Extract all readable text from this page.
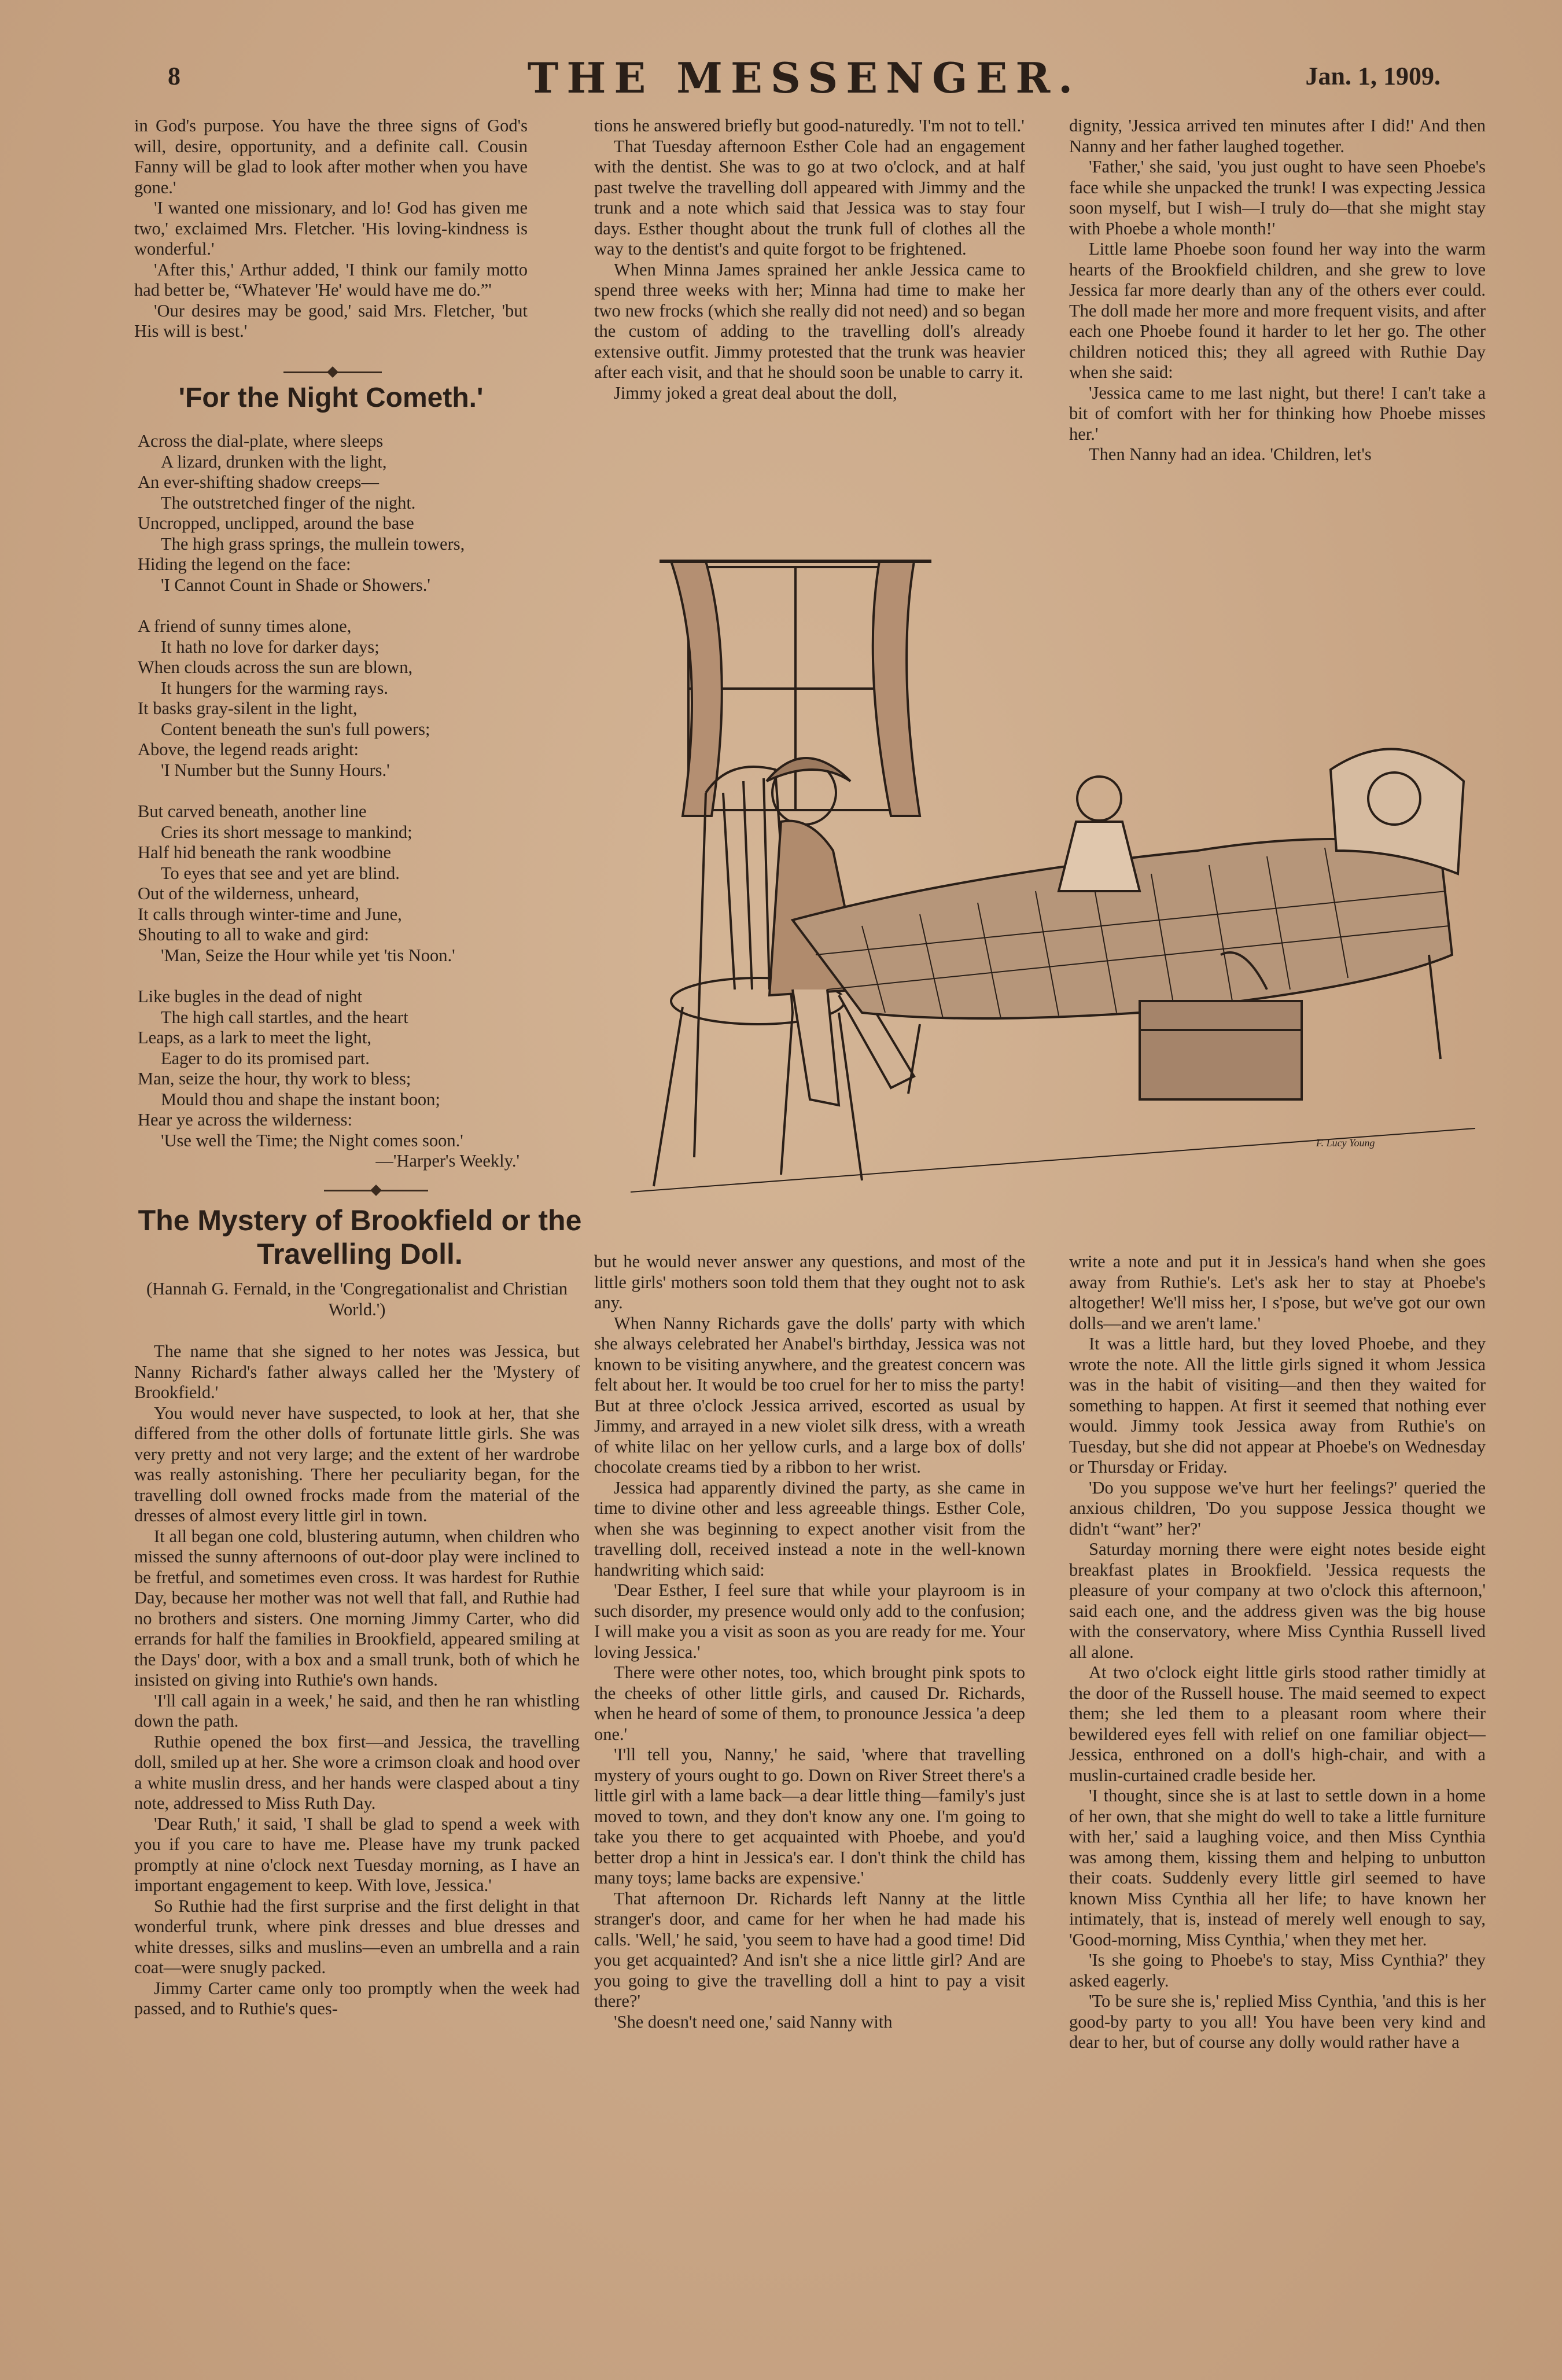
8	THE MESSENGER.	Jan. 1, 1909.

in God's purpose. You have the three signs of God's will, desire, opportunity, and a definite call. Cousin Fanny will be glad to look after mother when you have gone.'

'I wanted one missionary, and lo! God has given me two,' exclaimed Mrs. Fletcher. 'His loving-kindness is wonderful.'

'After this,' Arthur added, 'I think our family motto had better be, “Whatever 'He' would have me do.”'

'Our desires may be good,' said Mrs. Fletcher, 'but His will is best.'

'For the Night Cometh.'
Across the dial-plate, where sleeps
A lizard, drunken with the light,
An ever-shifting shadow creeps—
The outstretched finger of the night.
Uncropped, unclipped, around the base
The high grass springs, the mullein towers,
Hiding the legend on the face:
'I Cannot Count in Shade or Showers.'
A friend of sunny times alone,
It hath no love for darker days;
When clouds across the sun are blown,
It hungers for the warming rays.
It basks gray-silent in the light,
Content beneath the sun's full powers;
Above, the legend reads aright:
'I Number but the Sunny Hours.'
But carved beneath, another line
Cries its short message to mankind;
Half hid beneath the rank woodbine
To eyes that see and yet are blind.
Out of the wilderness, unheard,
It calls through winter-time and June,
Shouting to all to wake and gird:
'Man, Seize the Hour while yet 'tis Noon.'
Like bugles in the dead of night
The high call startles, and the heart
Leaps, as a lark to meet the light,
Eager to do its promised part.
Man, seize the hour, thy work to bless;
Mould thou and shape the instant boon;
Hear ye across the wilderness:
'Use well the Time; the Night comes soon.'
—'Harper's Weekly.'

tions he answered briefly but good-naturedly. 'I'm not to tell.'

That Tuesday afternoon Esther Cole had an engagement with the dentist. She was to go at two o'clock, and at half past twelve the travelling doll appeared with Jimmy and the trunk and a note which said that Jessica was to stay four days. Esther thought about the trunk full of clothes all the way to the dentist's and quite forgot to be frightened.

When Minna James sprained her ankle Jessica came to spend three weeks with her; Minna had time to make her two new frocks (which she really did not need) and so began the custom of adding to the travelling doll's already extensive outfit. Jimmy protested that the trunk was heavier after each visit, and that he should soon be unable to carry it.

Jimmy joked a great deal about the doll,

dignity, 'Jessica arrived ten minutes after I did!' And then Nanny and her father laughed together.

'Father,' she said, 'you just ought to have seen Phoebe's face while she unpacked the trunk! I was expecting Jessica soon myself, but I wish—I truly do—that she might stay with Phoebe a whole month!'

Little lame Phoebe soon found her way into the warm hearts of the Brookfield children, and she grew to love Jessica far more dearly than any of the others ever could. The doll made her more and more frequent visits, and after each one Phoebe found it harder to let her go. The other children noticed this; they all agreed with Ruthie Day when she said:

'Jessica came to me last night, but there! I can't take a bit of comfort with her for thinking how Phoebe misses her.'

Then Nanny had an idea. 'Children, let's

F. Lucy Young
The Mystery of Brookfield or the Travelling Doll.
(Hannah G. Fernald, in the 'Congregationalist and Christian World.')

The name that she signed to her notes was Jessica, but Nanny Richard's father always called her the 'Mystery of Brookfield.'

You would never have suspected, to look at her, that she differed from the other dolls of fortunate little girls. She was very pretty and not very large; and the extent of her wardrobe was really astonishing. There her peculiarity began, for the travelling doll owned frocks made from the material of the dresses of almost every little girl in town.

It all began one cold, blustering autumn, when children who missed the sunny afternoons of out-door play were inclined to be fretful, and sometimes even cross. It was hardest for Ruthie Day, because her mother was not well that fall, and Ruthie had no brothers and sisters. One morning Jimmy Carter, who did errands for half the families in Brookfield, appeared smiling at the Days' door, with a box and a small trunk, both of which he insisted on giving into Ruthie's own hands.

'I'll call again in a week,' he said, and then he ran whistling down the path.

Ruthie opened the box first—and Jessica, the travelling doll, smiled up at her. She wore a crimson cloak and hood over a white muslin dress, and her hands were clasped about a tiny note, addressed to Miss Ruth Day.

'Dear Ruth,' it said, 'I shall be glad to spend a week with you if you care to have me. Please have my trunk packed promptly at nine o'clock next Tuesday morning, as I have an important engagement to keep. With love, Jessica.'

So Ruthie had the first surprise and the first delight in that wonderful trunk, where pink dresses and blue dresses and white dresses, silks and muslins—even an umbrella and a rain coat—were snugly packed.

Jimmy Carter came only too promptly when the week had passed, and to Ruthie's ques-

but he would never answer any questions, and most of the little girls' mothers soon told them that they ought not to ask any.

When Nanny Richards gave the dolls' party with which she always celebrated her Anabel's birthday, Jessica was not known to be visiting anywhere, and the greatest concern was felt about her. It would be too cruel for her to miss the party! But at three o'clock Jessica arrived, escorted as usual by Jimmy, and arrayed in a new violet silk dress, with a wreath of white lilac on her yellow curls, and a large box of dolls' chocolate creams tied by a ribbon to her wrist.

Jessica had apparently divined the party, as she came in time to divine other and less agreeable things. Esther Cole, when she was beginning to expect another visit from the travelling doll, received instead a note in the well-known handwriting which said:

'Dear Esther, I feel sure that while your playroom is in such disorder, my presence would only add to the confusion; I will make you a visit as soon as you are ready for me. Your loving Jessica.'

There were other notes, too, which brought pink spots to the cheeks of other little girls, and caused Dr. Richards, when he heard of some of them, to pronounce Jessica 'a deep one.'

'I'll tell you, Nanny,' he said, 'where that travelling mystery of yours ought to go. Down on River Street there's a little girl with a lame back—a dear little thing—family's just moved to town, and they don't know any one. I'm going to take you there to get acquainted with Phoebe, and you'd better drop a hint in Jessica's ear. I don't think the child has many toys; lame backs are expensive.'

That afternoon Dr. Richards left Nanny at the little stranger's door, and came for her when he had made his calls. 'Well,' he said, 'you seem to have had a good time! Did you get acquainted? And isn't she a nice little girl? And are you going to give the travelling doll a hint to pay a visit there?'

'She doesn't need one,' said Nanny with

write a note and put it in Jessica's hand when she goes away from Ruthie's. Let's ask her to stay at Phoebe's altogether! We'll miss her, I s'pose, but we've got our own dolls—and we aren't lame.'

It was a little hard, but they loved Phoebe, and they wrote the note. All the little girls signed it whom Jessica was in the habit of visiting—and then they waited for something to happen. At first it seemed that nothing ever would. Jimmy took Jessica away from Ruthie's on Tuesday, but she did not appear at Phoebe's on Wednesday or Thursday or Friday.

'Do you suppose we've hurt her feelings?' queried the anxious children, 'Do you suppose Jessica thought we didn't “want” her?'

Saturday morning there were eight notes beside eight breakfast plates in Brookfield. 'Jessica requests the pleasure of your company at two o'clock this afternoon,' said each one, and the address given was the big house with the conservatory, where Miss Cynthia Russell lived all alone.

At two o'clock eight little girls stood rather timidly at the door of the Russell house. The maid seemed to expect them; she led them to a pleasant room where their bewildered eyes fell with relief on one familiar object—Jessica, enthroned on a doll's high-chair, and with a muslin-curtained cradle beside her.

'I thought, since she is at last to settle down in a home of her own, that she might do well to take a little furniture with her,' said a laughing voice, and then Miss Cynthia was among them, kissing them and helping to unbutton their coats. Suddenly every little girl seemed to have known Miss Cynthia all her life; to have known her intimately, that is, instead of merely well enough to say, 'Good-morning, Miss Cynthia,' when they met her.

'Is she going to Phoebe's to stay, Miss Cynthia?' they asked eagerly.

'To be sure she is,' replied Miss Cynthia, 'and this is her good-by party to you all! You have been very kind and dear to her, but of course any dolly would rather have a
